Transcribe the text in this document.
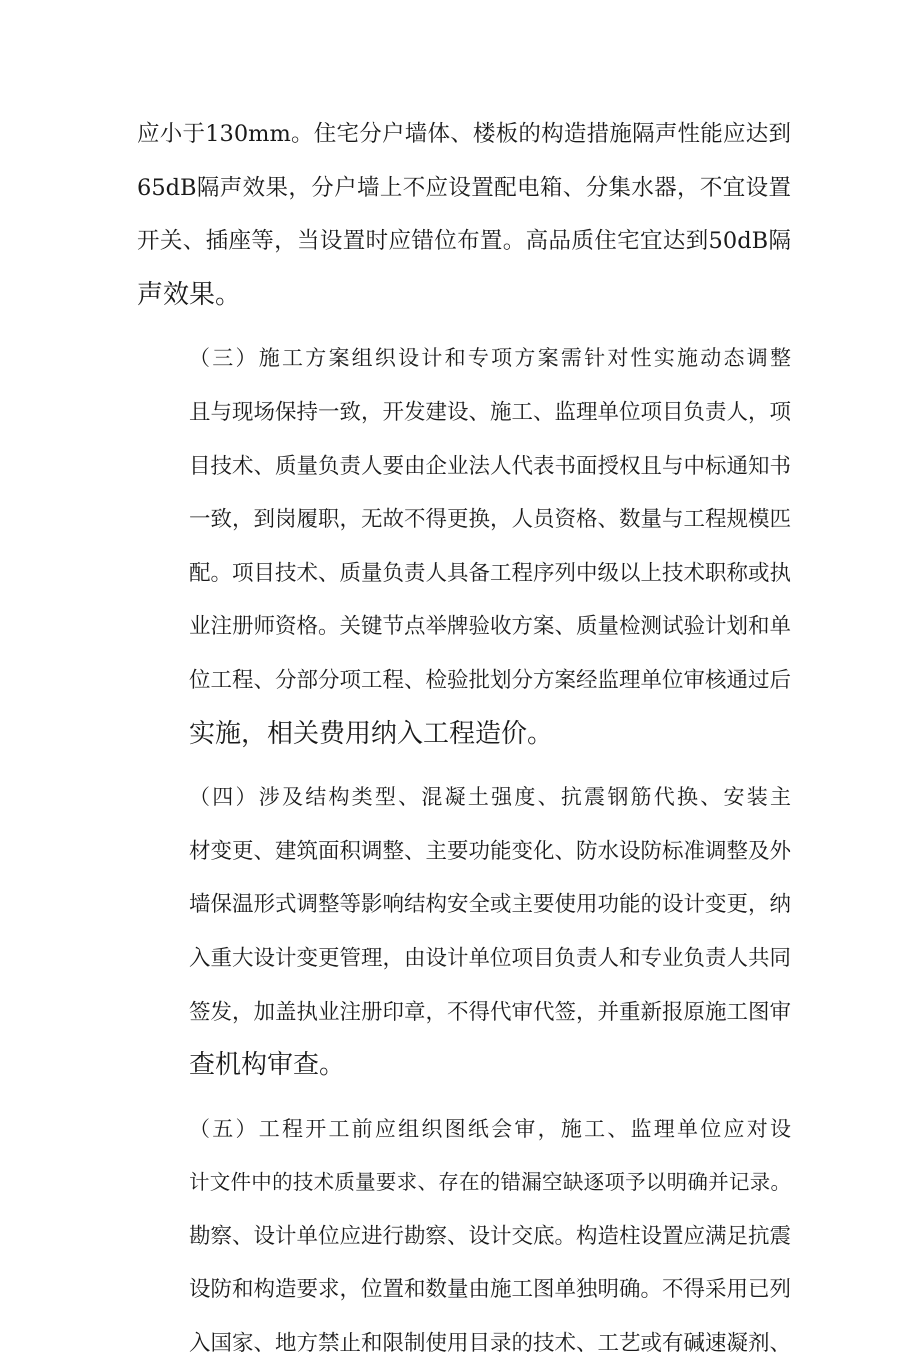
应小于130mm。住宅分户墙体、楼板的构造措施隔声性能应达到
65dB隔声效果，分户墙上不应设置配电箱、分集水器，不宜设置
开关、插座等，当设置时应错位布置。高品质住宅宜达到50dB隔
声效果。
（三）施工方案组织设计和专项方案需针对性实施动态调整
且与现场保持一致，开发建设、施工、监理单位项目负责人，项
目技术、质量负责人要由企业法人代表书面授权且与中标通知书
一致，到岗履职，无故不得更换，人员资格、数量与工程规模匹
配。项目技术、质量负责人具备工程序列中级以上技术职称或执
业注册师资格。关键节点举牌验收方案、质量检测试验计划和单
位工程、分部分项工程、检验批划分方案经监理单位审核通过后
实施，相关费用纳入工程造价。
（四）涉及结构类型、混凝土强度、抗震钢筋代换、安装主
材变更、建筑面积调整、主要功能变化、防水设防标准调整及外
墙保温形式调整等影响结构安全或主要使用功能的设计变更，纳
入重大设计变更管理，由设计单位项目负责人和专业负责人共同
签发，加盖执业注册印章，不得代审代签，并重新报原施工图审
查机构审查。
（五）工程开工前应组织图纸会审，施工、监理单位应对设
计文件中的技术质量要求、存在的错漏空缺逐项予以明确并记录。
勘察、设计单位应进行勘察、设计交底。构造柱设置应满足抗震
设防和构造要求，位置和数量由施工图单独明确。不得采用已列
入国家、地方禁止和限制使用目录的技术、工艺或有碱速凝剂、
